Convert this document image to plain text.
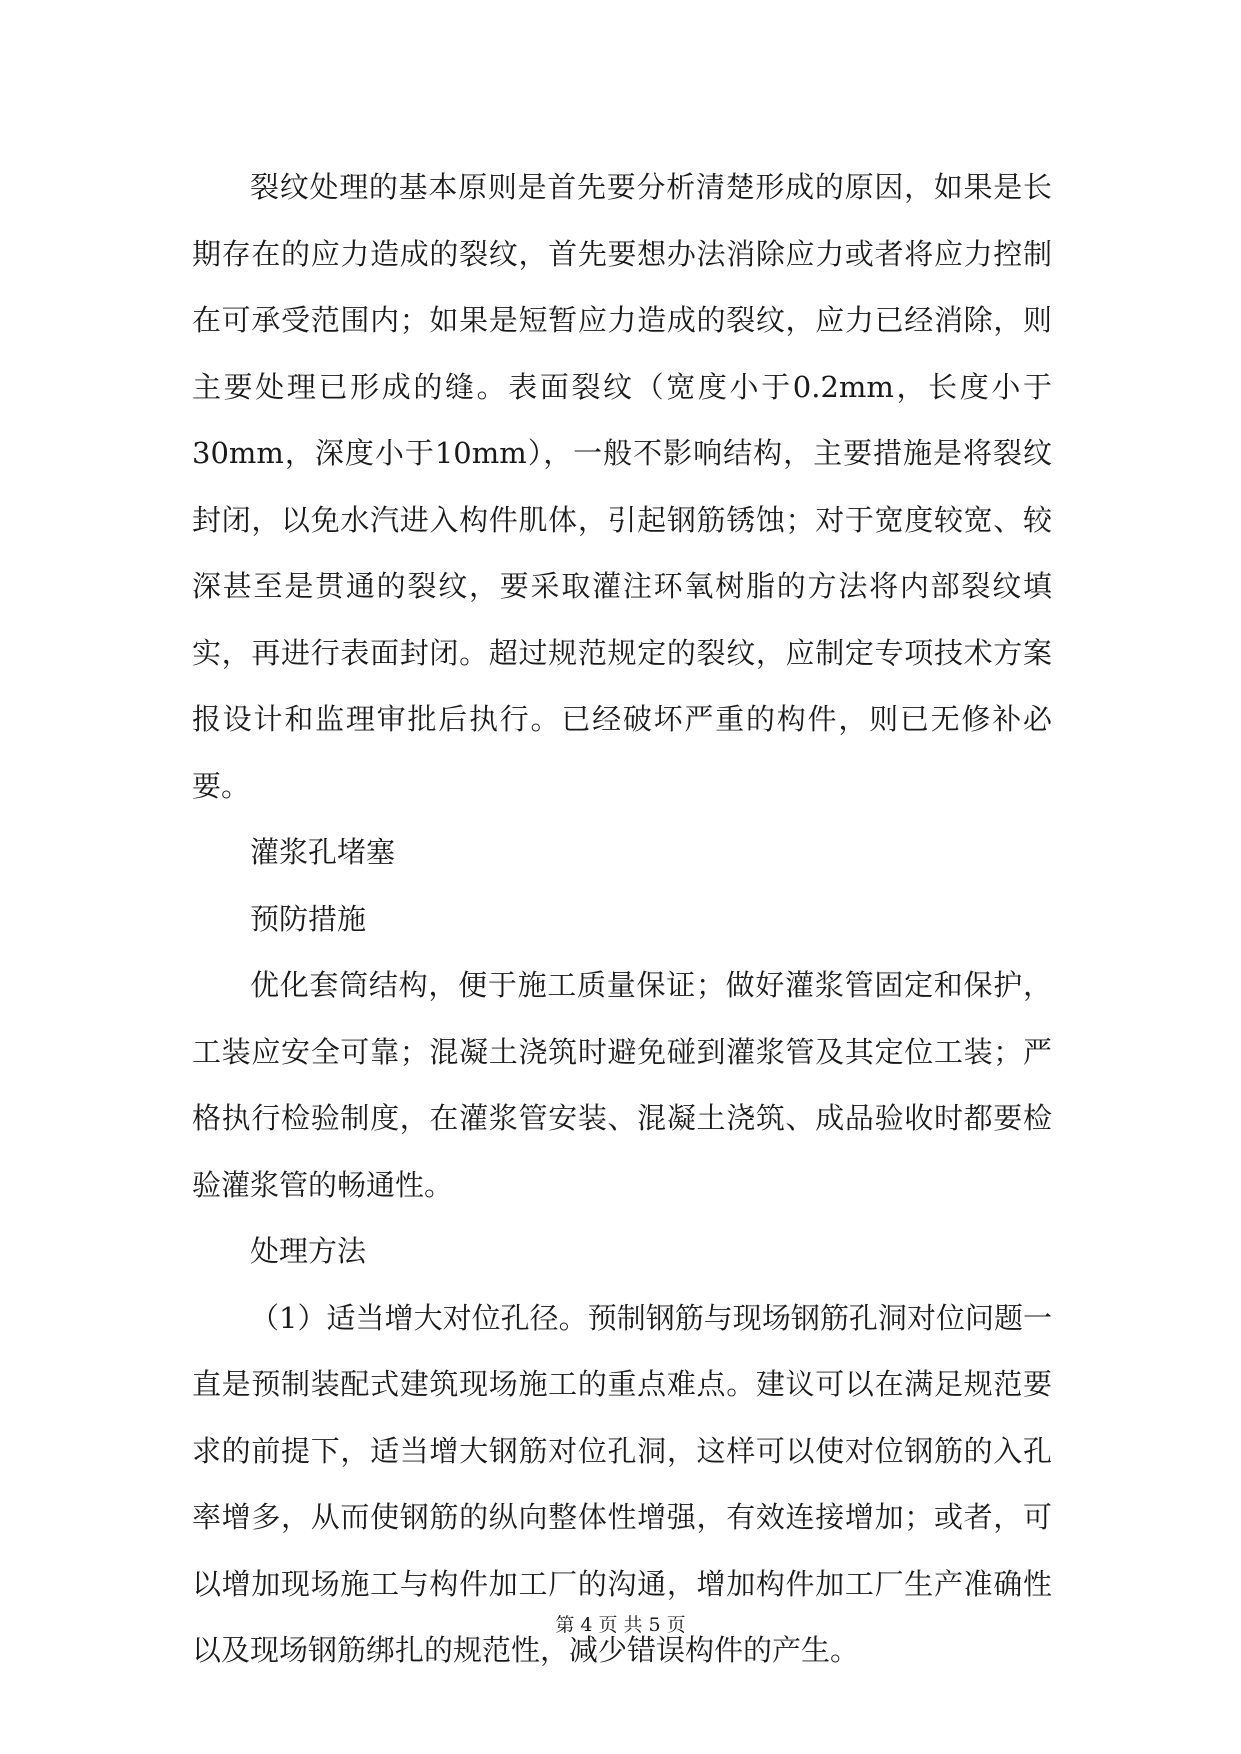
裂纹处理的基本原则是首先要分析清楚形成的原因，如果是长期存在的应力造成的裂纹，首先要想办法消除应力或者将应力控制在可承受范围内；如果是短暂应力造成的裂纹，应力已经消除，则主要处理已形成的缝。表面裂纹（宽度小于0.2mm，长度小于30mm，深度小于10mm），一般不影响结构，主要措施是将裂纹封闭，以免水汽进入构件肌体，引起钢筋锈蚀；对于宽度较宽、较深甚至是贯通的裂纹，要采取灌注环氧树脂的方法将内部裂纹填实，再进行表面封闭。超过规范规定的裂纹，应制定专项技术方案报设计和监理审批后执行。已经破坏严重的构件，则已无修补必要。

灌浆孔堵塞

预防措施

优化套筒结构，便于施工质量保证；做好灌浆管固定和保护，工装应安全可靠；混凝土浇筑时避免碰到灌浆管及其定位工装；严格执行检验制度，在灌浆管安装、混凝土浇筑、成品验收时都要检验灌浆管的畅通性。

处理方法

（1）适当增大对位孔径。预制钢筋与现场钢筋孔洞对位问题一直是预制装配式建筑现场施工的重点难点。建议可以在满足规范要求的前提下，适当增大钢筋对位孔洞，这样可以使对位钢筋的入孔率增多，从而使钢筋的纵向整体性增强，有效连接增加；或者，可以增加现场施工与构件加工厂的沟通，增加构件加工厂生产准确性以及现场钢筋绑扎的规范性，减少错误构件的产生。

第 4 页 共 5 页
